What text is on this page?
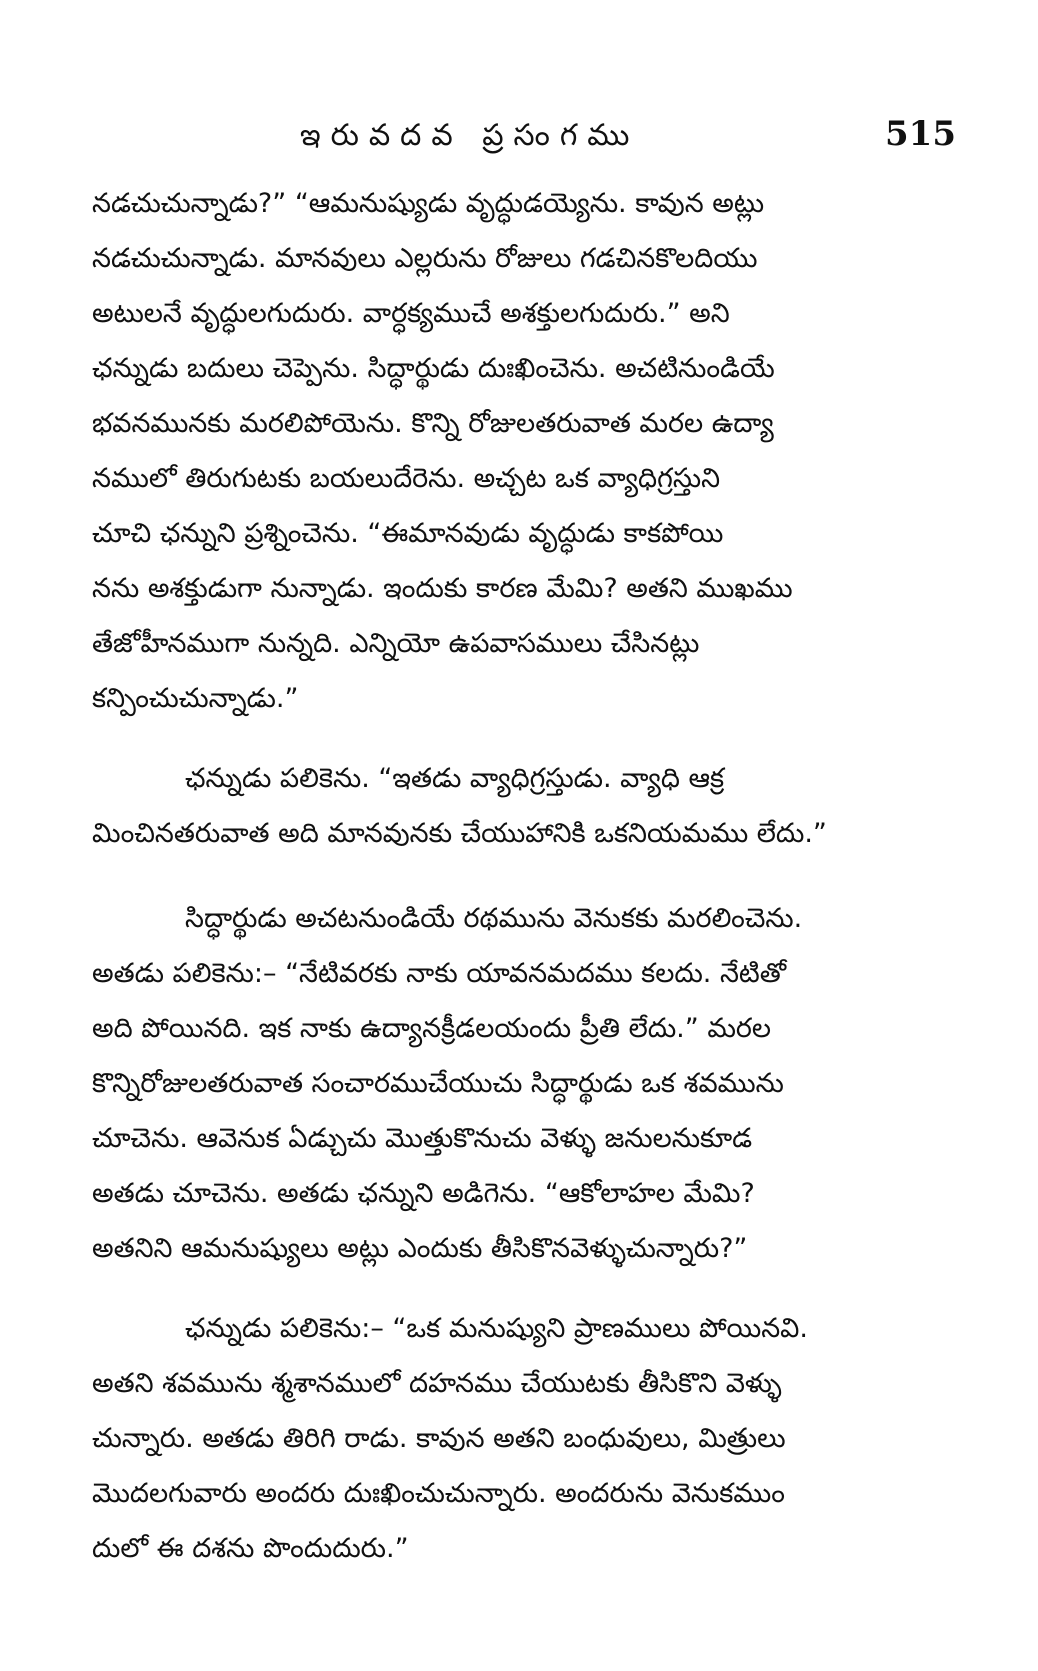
ఇరువదవ ప్రసంగము	515
నడచుచున్నాడు?” “ఆమనుష్యుడు వృద్ధుడయ్యెను. కావున అట్లు
నడచుచున్నాడు. మానవులు ఎల్లరును రోజులు గడచినకొలదియు
అటులనే వృద్ధులగుదురు. వార్ధక్యముచే అశక్తులగుదురు.” అని
ఛన్నుడు బదులు చెప్పెను. సిద్ధార్థుడు దుఃఖించెను. అచటినుండియే
భవనమునకు మరలిపోయెను. కొన్ని రోజులతరువాత మరల ఉద్యా
నములో తిరుగుటకు బయలుదేరెను. అచ్చట ఒక వ్యాధిగ్రస్తుని
చూచి ఛన్నుని ప్రశ్నించెను. “ఈమానవుడు వృద్ధుడు కాకపోయి
నను అశక్తుడుగా నున్నాడు. ఇందుకు కారణ మేమి? అతని ముఖము
తేజోహీనముగా నున్నది. ఎన్నియో ఉపవాసములు చేసినట్లు
కన్పించుచున్నాడు.”
ఛన్నుడు పలికెను. “ఇతడు వ్యాధిగ్రస్తుడు. వ్యాధి ఆక్ర
మించినతరువాత అది మానవునకు చేయుహానికి ఒకనియమము లేదు.”
సిద్ధార్థుడు అచటనుండియే రథమును వెనుకకు మరలించెను.
అతడు పలికెను:– “నేటివరకు నాకు యావనమదము కలదు. నేటితో
అది పోయినది. ఇక నాకు ఉద్యానక్రీడలయందు ప్రీతి లేదు.” మరల
కొన్నిరోజులతరువాత సంచారముచేయుచు సిద్ధార్థుడు ఒక శవమును
చూచెను. ఆవెనుక ఏడ్చుచు మొత్తుకొనుచు వెళ్ళు జనులనుకూడ
అతడు చూచెను. అతడు ఛన్నుని అడిగెను. “ఆకోలాహల మేమి?
అతనిని ఆమనుష్యులు అట్లు ఎందుకు తీసికొనవెళ్ళుచున్నారు?”
ఛన్నుడు పలికెను:– “ఒక మనుష్యుని ప్రాణములు పోయినవి.
అతని శవమును శ్మశానములో దహనము చేయుటకు తీసికొని వెళ్ళు
చున్నారు. అతడు తిరిగి రాడు. కావున అతని బంధువులు, మిత్రులు
మొదలగువారు అందరు దుఃఖించుచున్నారు. అందరును వెనుకముం
దులో ఈ దశను పొందుదురు.”
